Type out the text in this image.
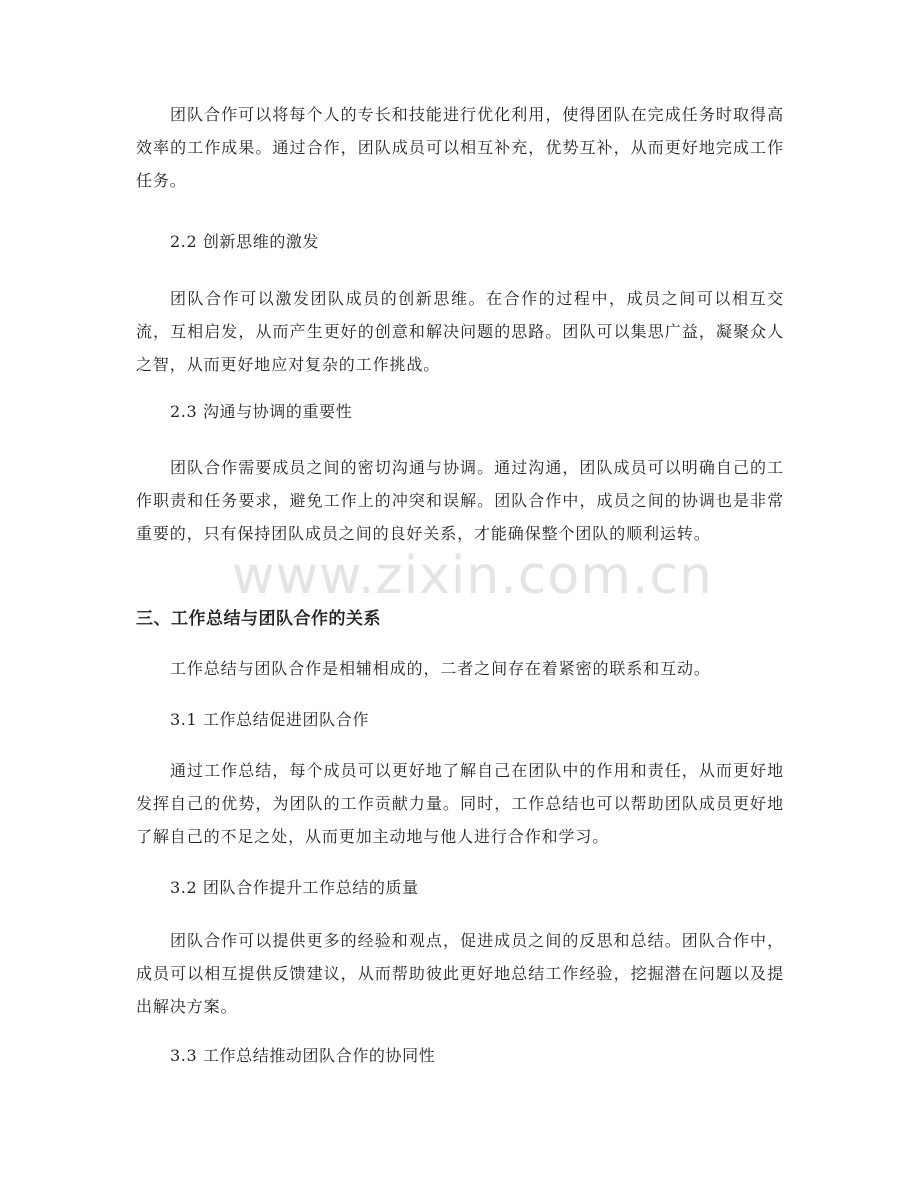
团队合作可以将每个人的专长和技能进行优化利用，使得团队在完成任务时取得高效率的工作成果。通过合作，团队成员可以相互补充，优势互补，从而更好地完成工作任务。

2.2 创新思维的激发

团队合作可以激发团队成员的创新思维。在合作的过程中，成员之间可以相互交流，互相启发，从而产生更好的创意和解决问题的思路。团队可以集思广益，凝聚众人之智，从而更好地应对复杂的工作挑战。

2.3 沟通与协调的重要性

团队合作需要成员之间的密切沟通与协调。通过沟通，团队成员可以明确自己的工作职责和任务要求，避免工作上的冲突和误解。团队合作中，成员之间的协调也是非常重要的，只有保持团队成员之间的良好关系，才能确保整个团队的顺利运转。

www.zixin.com.cn

三、工作总结与团队合作的关系

工作总结与团队合作是相辅相成的，二者之间存在着紧密的联系和互动。

3.1 工作总结促进团队合作

通过工作总结，每个成员可以更好地了解自己在团队中的作用和责任，从而更好地发挥自己的优势，为团队的工作贡献力量。同时，工作总结也可以帮助团队成员更好地了解自己的不足之处，从而更加主动地与他人进行合作和学习。

3.2 团队合作提升工作总结的质量

团队合作可以提供更多的经验和观点，促进成员之间的反思和总结。团队合作中，成员可以相互提供反馈建议，从而帮助彼此更好地总结工作经验，挖掘潜在问题以及提出解决方案。

3.3 工作总结推动团队合作的协同性
